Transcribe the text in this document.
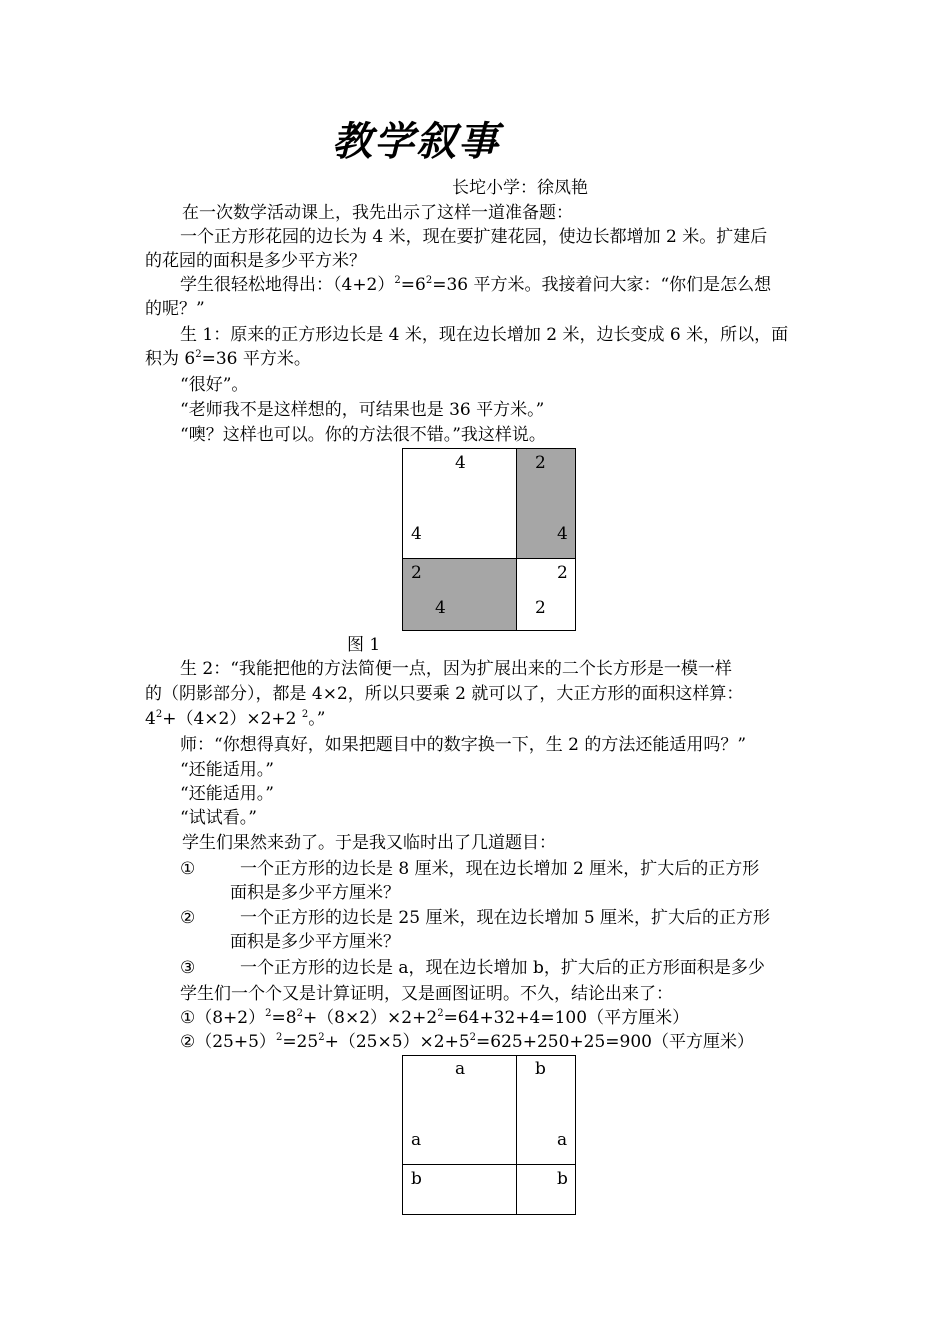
教学叙事
长坨小学：徐凤艳
在一次数学活动课上，我先出示了这样一道准备题：
一个正方形花园的边长为 4 米，现在要扩建花园，使边长都增加 2 米。扩建后
的花园的面积是多少平方米？
学生很轻松地得出：$(4+2)^2=6^2=36$ 平方米。我接着问大家：“你们是怎么想
的呢？”
生 1：原来的正方形边长是 4 米，现在边长增加 2 米，边长变成 6 米，所以，面
积为 $6^2=36$ 平方米。
“很好”。
“老师我不是这样想的，可结果也是 36 平方米。”
“噢？这样也可以。你的方法很不错。”我这样说。
4	2
4	4
2
4
2
2
图 1
生 2：“我能把他的方法简便一点，因为扩展出来的二个长方形是一模一样
的（阴影部分），都是 4×2，所以只要乘 2 就可以了，大正方形的面积这样算：
$4^2+(4\times 2)\times 2+2$ $^2$。”
师：“你想得真好，如果把题目中的数字换一下，生 2 的方法还能适用吗？”
“还能适用。”
“还能适用。”
“试试看。”
学生们果然来劲了。于是我又临时出了几道题目：
①	一个正方形的边长是 8 厘米，现在边长增加 2 厘米，扩大后的正方形
面积是多少平方厘米？
②	一个正方形的边长是 25 厘米，现在边长增加 5 厘米，扩大后的正方形
面积是多少平方厘米？
③	一个正方形的边长是 a，现在边长增加 b，扩大后的正方形面积是多少
学生们一个个又是计算证明，又是画图证明。不久，结论出来了：
$①(8+2)^2=8^2+(8\times 2)\times 2+2^2=64+32+4=100$（平方厘米）
$②(25+5)^2=25^2+(25\times 5)\times 2+5^2=625+250+25=900$（平方厘米）
a	b
a	a
b	b
